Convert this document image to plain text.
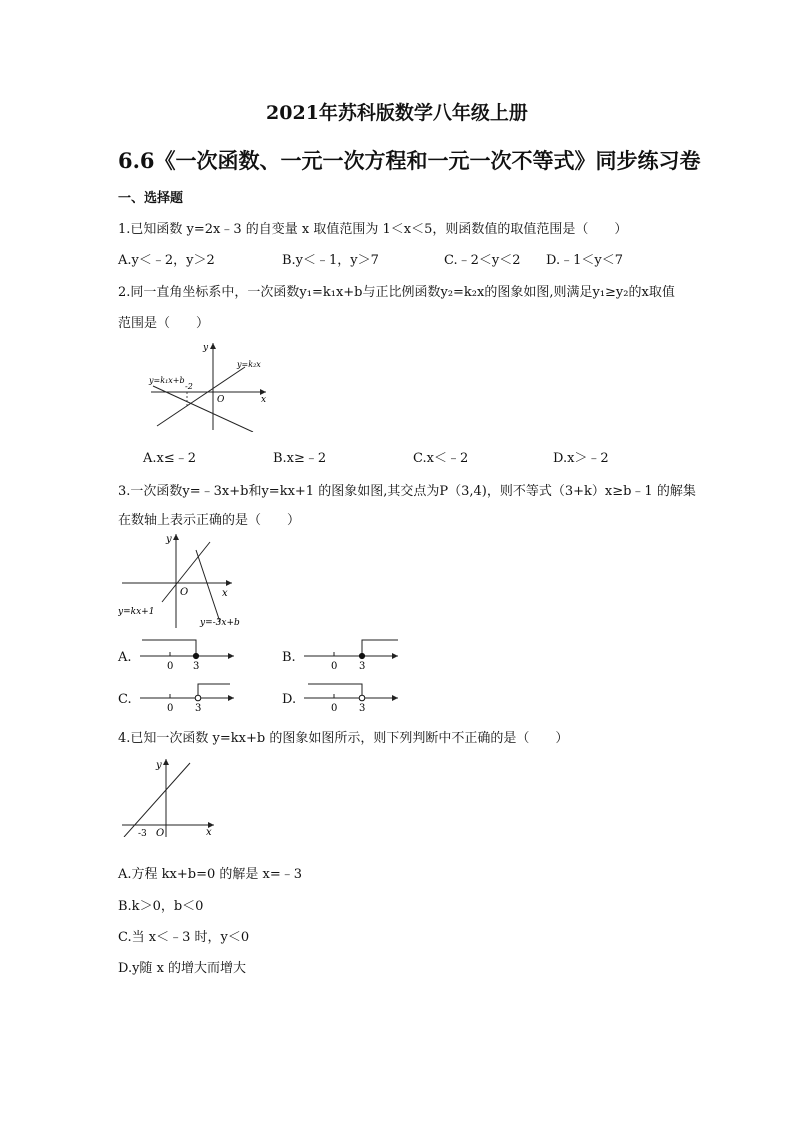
2021年苏科版数学八年级上册
6.6《一次函数、一元一次方程和一元一次不等式》同步练习卷
一、选择题
1.已知函数 y=2x﹣3 的自变量 x 取值范围为 1＜x＜5，则函数值的取值范围是（　　）
A.y＜﹣2，y＞2	B.y＜﹣1，y＞7	C.﹣2＜y＜2 D.﹣1＜y＜7
2.同一直角坐标系中，一次函数y₁=k₁x+b与正比例函数y₂=k₂x的图象如图,则满足y₁≥y₂的x取值
范围是（　　）
y
x
O
y=k₁x+b
y=k₂x
-2
A.x≤﹣2	B.x≥﹣2	C.x＜﹣2	D.x＞﹣2
3.一次函数y=﹣3x+b和y=kx+1 的图象如图,其交点为P（3,4)，则不等式（3+k）x≥b﹣1 的解集
在数轴上表示正确的是（　　）
y
x
O
y=kx+1
y=-3x+b
A.
0 3
B.
0 3
C.
0 3
D.
0 3
4.已知一次函数 y=kx+b 的图象如图所示，则下列判断中不正确的是（　　）
y
x
O
-3
A.方程 kx+b=0 的解是 x=﹣3
B.k＞0，b＜0
C.当 x＜﹣3 时，y＜0
D.y随 x 的增大而增大
